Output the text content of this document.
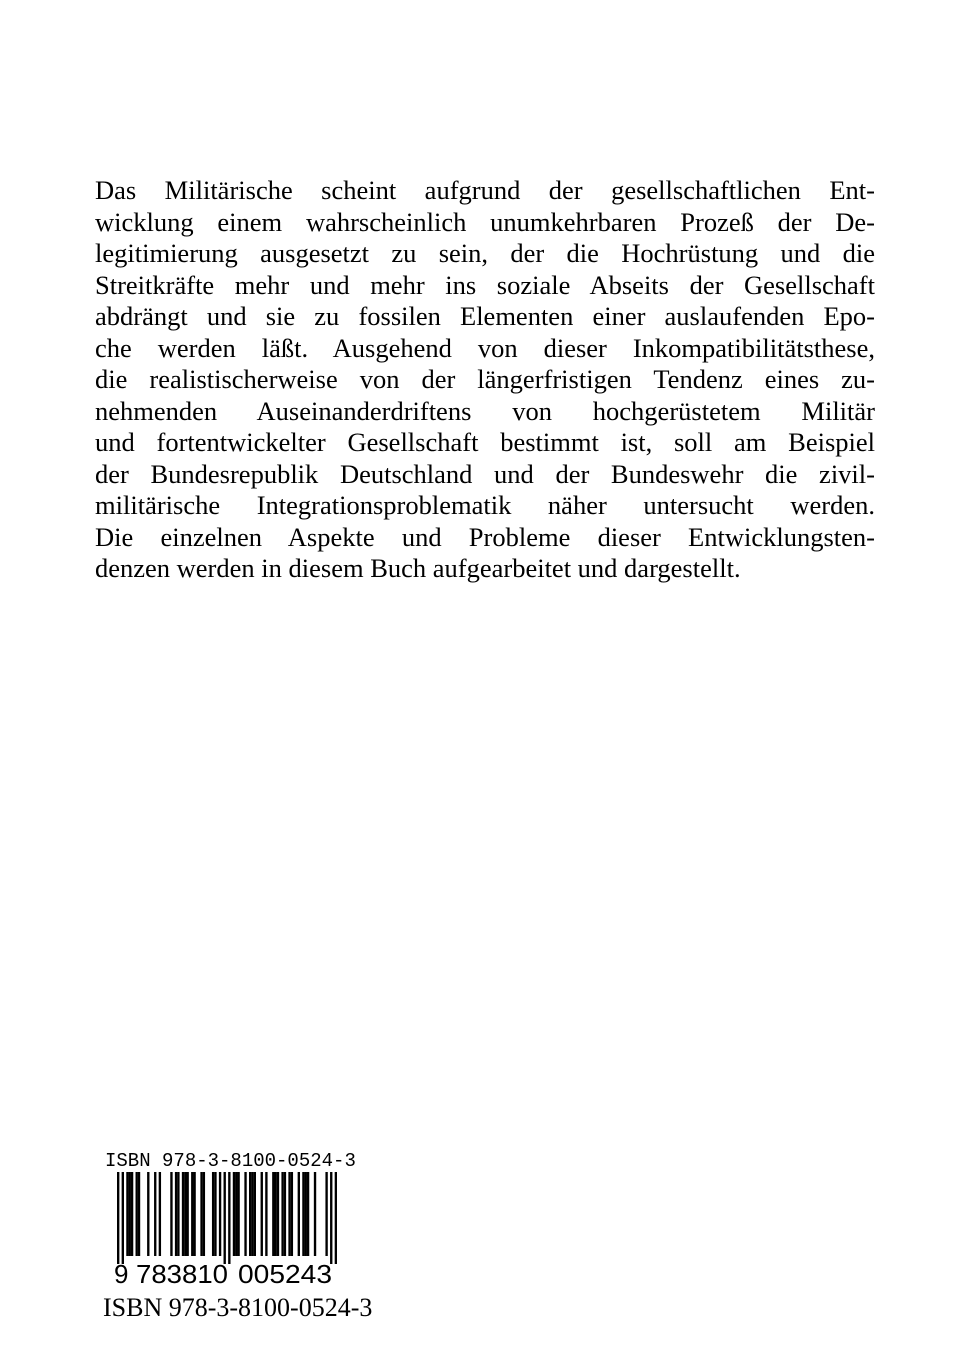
Das Militärische scheint aufgrund der gesellschaftlichen Ent-
wicklung einem wahrscheinlich unumkehrbaren Prozeß der De-
legitimierung ausgesetzt zu sein, der die Hochrüstung und die
Streitkräfte mehr und mehr ins soziale Abseits der Gesellschaft
abdrängt und sie zu fossilen Elementen einer auslaufenden Epo-
che werden läßt. Ausgehend von dieser Inkompatibilitätsthese,
die realistischerweise von der längerfristigen Tendenz eines zu-
nehmenden Auseinanderdriftens von hochgerüstetem Militär
und fortentwickelter Gesellschaft bestimmt ist, soll am Beispiel
der Bundesrepublik Deutschland und der Bundeswehr die zivil-
militärische Integrationsproblematik näher untersucht werden.
Die einzelnen Aspekte und Probleme dieser Entwicklungsten-
denzen werden in diesem Buch aufgearbeitet und dargestellt.
ISBN 978-3-8100-0524-3
9 783810 005243
ISBN 978-3-8100-0524-3
